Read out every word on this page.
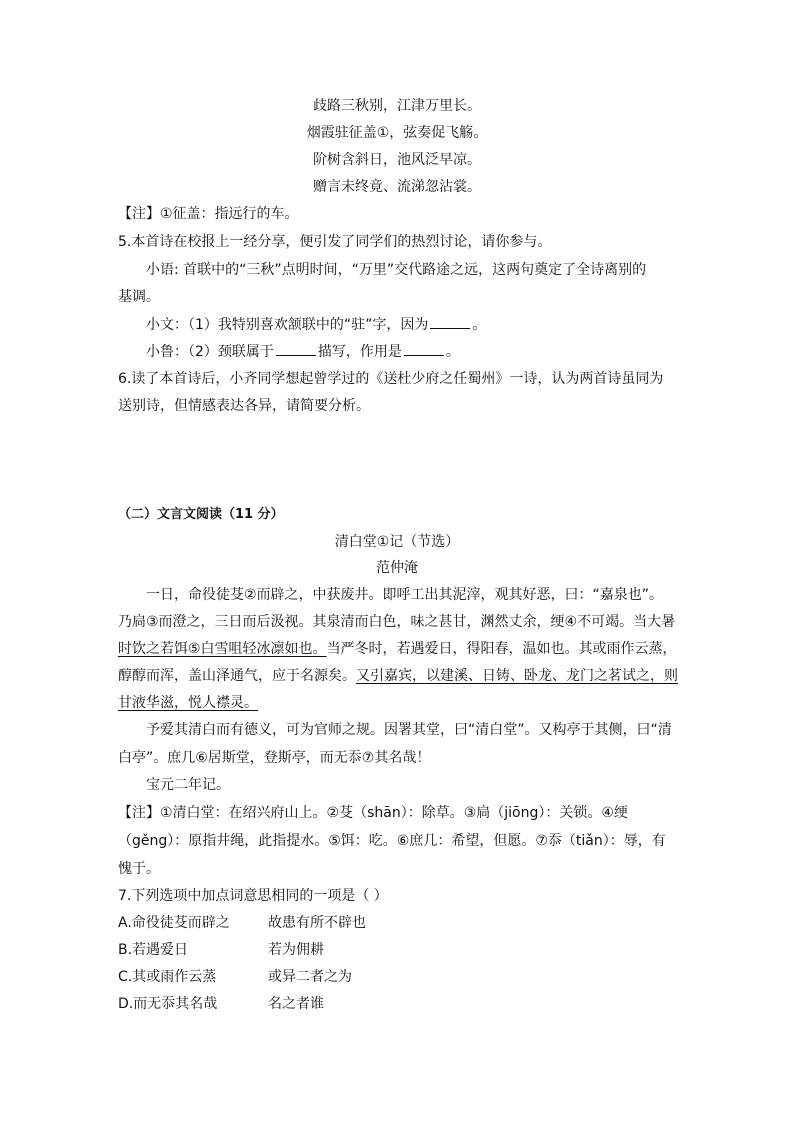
歧路三秋别，江津万里长。
烟霞驻征盖①，弦奏促飞觞。
阶树含斜日，池风泛早凉。
赠言未终竟、流涕忽沾裳。
【注】①征盖：指远行的车。
5.本首诗在校报上一经分享，便引发了同学们的热烈讨论，请你参与。
小语: 首联中的“三秋”点明时间，“万里”交代路途之远，这两句奠定了全诗离别的
基调。
小文：（1）我特别喜欢颔联中的“驻”字，因为	。
小鲁：（2）颈联属于	描写，作用是	。
6.读了本首诗后，小齐同学想起曾学过的《送杜少府之任蜀州》一诗，认为两首诗虽同为
送别诗，但情感表达各异，请简要分析。
（二）文言文阅读（11 分）
清白堂①记（节选）
范仲淹
一日，命役徒芟②而辟之，中获废井。即呼工出其泥滓，观其好恶，曰：“嘉泉也”。
乃扃③而澄之，三日而后汲视。其泉清而白色，味之甚甘，渊然丈余，绠④不可竭。当大暑
时饮之若饵⑤白雪咀轻冰凛如也。当严冬时，若遇爱日，得阳春，温如也。其或雨作云蒸，
醇醇而浑，盖山泽通气，应于名源矣。又引嘉宾，以建溪、日铸、卧龙、龙门之茗试之，则
甘液华滋，悦人襟灵。
予爱其清白而有德义，可为官师之规。因署其堂，曰“清白堂”。又构亭于其侧，曰“清
白亭”。庶几⑥居斯堂，登斯亭，而无忝⑦其名哉！
宝元二年记。
【注】①清白堂：在绍兴府山上。②芟（shān）：除草。③扃（jiōng）：关锁。④绠
（gěng）：原指井绳，此指提水。⑤饵：吃。⑥庶几：希望，但愿。⑦忝（tiǎn）：辱，有
愧于。
7.下列选项中加点词意思相同的一项是（ ）
A.命役徒芟而辟之	故患有所不辟也
B.若遇爱日	若为佣耕
C.其或雨作云蒸	或异二者之为
D.而无忝其名哉	名之者谁
